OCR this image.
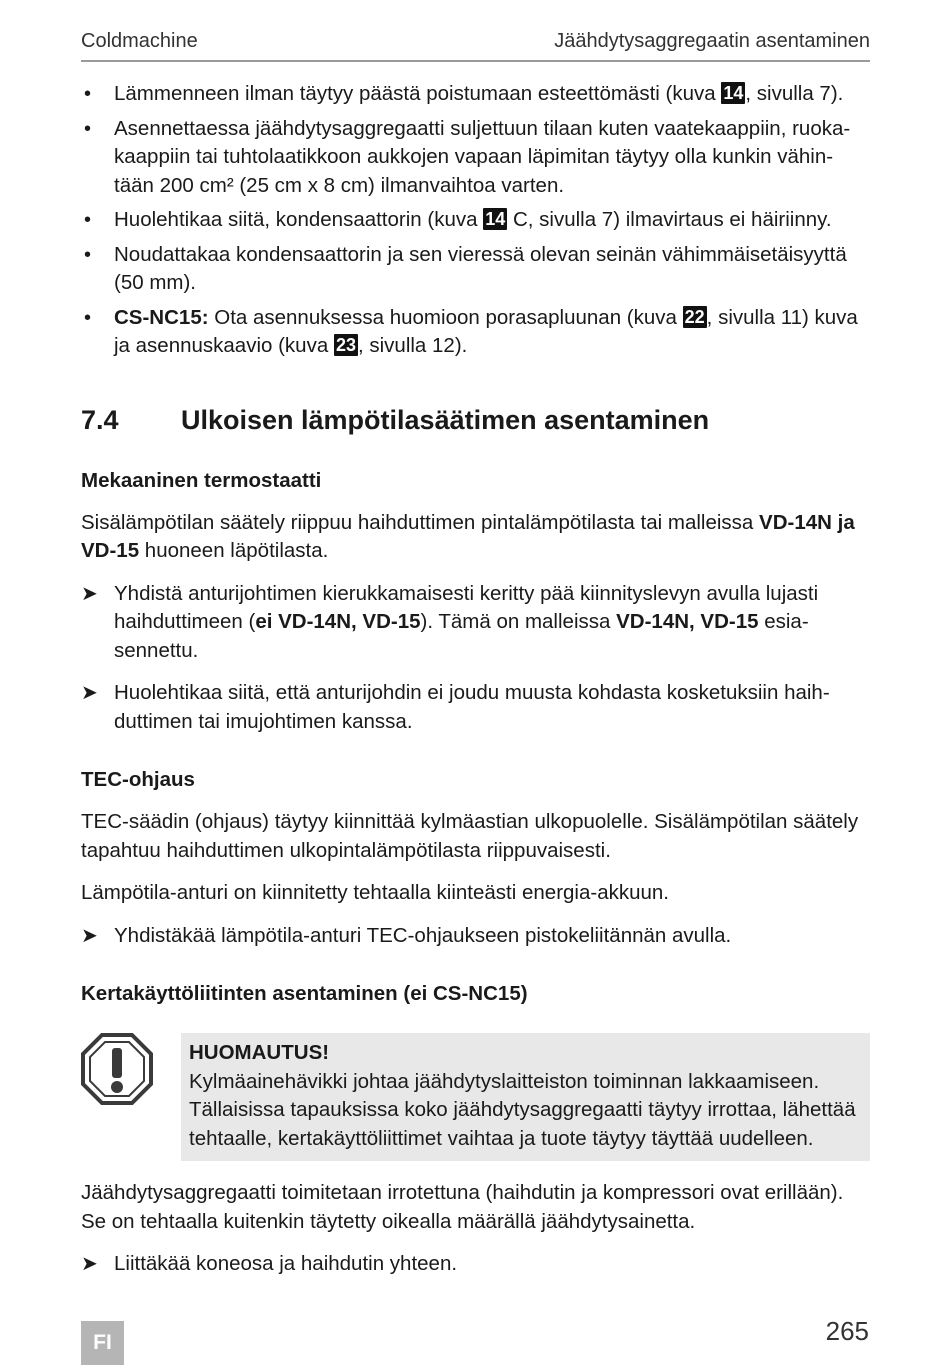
Coldmachine	Jäähdytysaggregaatin asentaminen
• Lämmenneen ilman täytyy päästä poistumaan esteettömästi (kuva 14, sivulla 7).
• Asennettaessa jäähdytysaggregaatti suljettuun tilaan kuten vaatekaappiin, ruoka-kaappiin tai tuhtolaatikkoon aukkojen vapaan läpimitan täytyy olla kunkin vähin-tään 200 cm² (25 cm x 8 cm) ilmanvaihtoa varten.
• Huolehtikaa siitä, kondensaattorin (kuva 14 C, sivulla 7) ilmavirtaus ei häiriinny.
• Noudattakaa kondensaattorin ja sen vieressä olevan seinän vähimmäisetäisyyttä (50 mm).
• CS-NC15: Ota asennuksessa huomioon porasapluunan (kuva 22, sivulla 11) kuva ja asennuskaavio (kuva 23, sivulla 12).
7.4	Ulkoisen lämpötilasäätimen asentaminen
Mekaaninen termostaatti

Sisälämpötilan säätely riippuu haihduttimen pintalämpötilasta tai malleissa VD-14N ja VD-15 huoneen läpötilasta.

➤ Yhdistä anturijohtimen kierukkamaisesti keritty pää kiinnityslevyn avulla lujasti haihduttimeen (ei VD-14N, VD-15). Tämä on malleissa VD-14N, VD-15 esia-sennettu.
➤ Huolehtikaa siitä, että anturijohdin ei joudu muusta kohdasta kosketuksiin haih-duttimen tai imujohtimen kanssa.
TEC-ohjaus

TEC-säädin (ohjaus) täytyy kiinnittää kylmäastian ulkopuolelle. Sisälämpötilan säätely tapahtuu haihduttimen ulkopintalämpötilasta riippuvaisesti.

Lämpötila-anturi on kiinnitetty tehtaalla kiinteästi energia-akkuun.

➤ Yhdistäkää lämpötila-anturi TEC-ohjaukseen pistokeliitännän avulla.
Kertakäyttöliitinten asentaminen (ei CS-NC15)
HUOMAUTUS!
Kylmäainehävikki johtaa jäähdytyslaitteiston toiminnan lakkaamiseen. Tällaisissa tapauksissa koko jäähdytysaggregaatti täytyy irrottaa, lähettää tehtaalle, kertakäyttöliittimet vaihtaa ja tuote täytyy täyttää uudelleen.

Jäähdytysaggregaatti toimitetaan irrotettuna (haihdutin ja kompressori ovat erillään). Se on tehtaalla kuitenkin täytetty oikealla määrällä jäähdytysainetta.

➤ Liittäkää koneosa ja haihdutin yhteen.
FI	265
